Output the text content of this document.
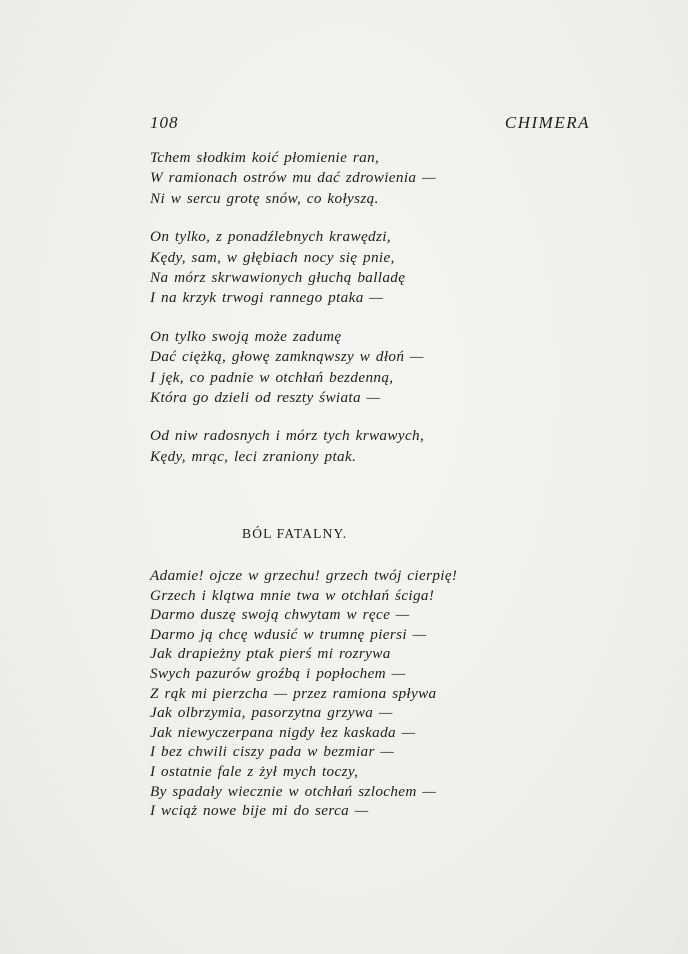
108	CHIMERA
Tchem słodkim koić płomienie ran,
W ramionach ostrów mu dać zdrowienia —
Ni w sercu grotę snów, co kołyszą.
On tylko, z ponadźlebnych krawędzi,
Kędy, sam, w głębiach nocy się pnie,
Na mórz skrwawionych głuchą balladę
I na krzyk trwogi rannego ptaka —
On tylko swoją może zadumę
Dać ciężką, głowę zamknąwszy w dłoń —
I jęk, co padnie w otchłań bezdenną,
Która go dzieli od reszty świata —
Od niw radosnych i mórz tych krwawych,
Kędy, mrąc, leci zraniony ptak.
BÓL FATALNY.
Adamie! ojcze w grzechu! grzech twój cierpię!
Grzech i klątwa mnie twa w otchłań ściga!
Darmo duszę swoją chwytam w ręce —
Darmo ją chcę wdusić w trumnę piersi —
Jak drapieżny ptak pierś mi rozrywa
Swych pazurów groźbą i popłochem —
Z rąk mi pierzcha — przez ramiona spływa
Jak olbrzymia, pasorzytna grzywa —
Jak niewyczerpana nigdy łez kaskada —
I bez chwili ciszy pada w bezmiar —
I ostatnie fale z żył mych toczy,
By spadały wiecznie w otchłań szlochem —
I wciąż nowe bije mi do serca —
